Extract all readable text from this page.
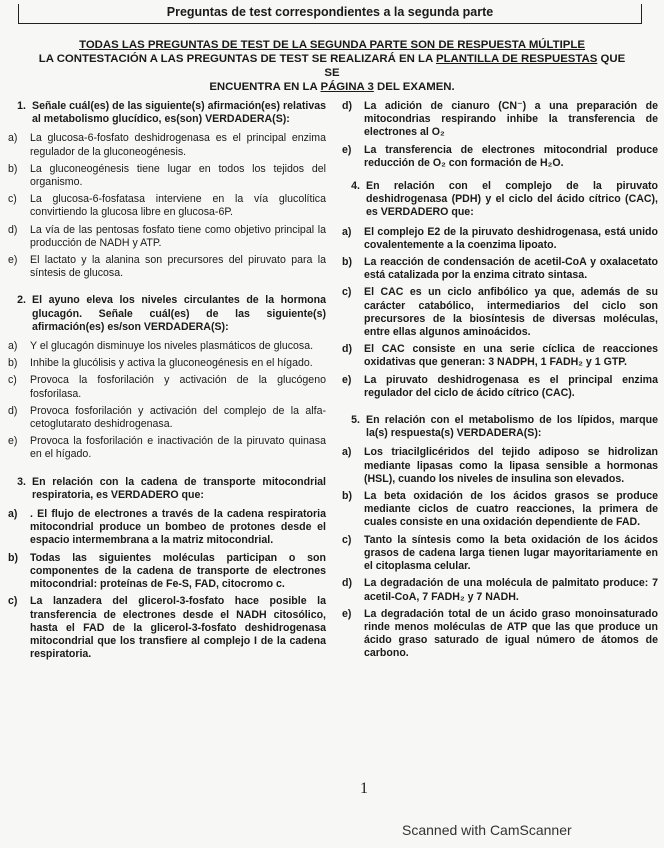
Preguntas de test correspondientes a la segunda parte
TODAS LAS PREGUNTAS DE TEST DE LA SEGUNDA PARTE SON DE RESPUESTA MÚLTIPLE
LA CONTESTACIÓN A LAS PREGUNTAS DE TEST SE REALIZARÁ EN LA PLANTILLA DE RESPUESTAS QUE SE
ENCUENTRA EN LA PÁGINA 3 DEL EXAMEN.
1. Señale cuál(es) de las siguiente(s) afirmación(es) relativas al metabolismo glucídico, es(son) VERDADERA(S):
a)	La glucosa-6-fosfato deshidrogenasa es el principal enzima regulador de la gluconeogénesis.
b)	La gluconeogénesis tiene lugar en todos los tejidos del organismo.
c)	La glucosa-6-fosfatasa interviene en la vía glucolítica convirtiendo la glucosa libre en glucosa-6P.
d)	La vía de las pentosas fosfato tiene como objetivo principal la producción de NADH y ATP.
e)	El lactato y la alanina son precursores del piruvato para la síntesis de glucosa.
2. El ayuno eleva los niveles circulantes de la hormona glucagón. Señale cuál(es) de las siguiente(s) afirmación(es) es/son VERDADERA(S):
a)	Y el glucagón disminuye los niveles plasmáticos de glucosa.
b)	Inhibe la glucólisis y activa la gluconeogénesis en el hígado.
c)	Provoca la fosforilación y activación de la glucógeno fosforilasa.
d)	Provoca fosforilación y activación del complejo de la alfa-cetoglutarato deshidrogenasa.
e)	Provoca la fosforilación e inactivación de la piruvato quinasa en el hígado.
3. En relación con la cadena de transporte mitocondrial respiratoria, es VERDADERO que:
a)	. El flujo de electrones a través de la cadena respiratoria mitocondrial produce un bombeo de protones desde el espacio intermembrana a la matriz mitocondrial.
b)	Todas las siguientes moléculas participan o son componentes de la cadena de transporte de electrones mitocondrial: proteínas de Fe-S, FAD, citocromo c.
c)	La lanzadera del glicerol-3-fosfato hace posible la transferencia de electrones desde el NADH citosólico, hasta el FAD de la glicerol-3-fosfato deshidrogenasa mitocondrial que los transfiere al complejo I de la cadena respiratoria.
d)	La adición de cianuro (CN⁻) a una preparación de mitocondrias respirando inhibe la transferencia de electrones al O₂
e)	La transferencia de electrones mitocondrial produce reducción de O₂ con formación de H₂O.
4. En relación con el complejo de la piruvato deshidrogenasa (PDH) y el ciclo del ácido cítrico (CAC), es VERDADERO que:
a)	El complejo E2 de la piruvato deshidrogenasa, está unido covalentemente a la coenzima lipoato.
b)	La reacción de condensación de acetil-CoA y oxalacetato está catalizada por la enzima citrato sintasa.
c)	El CAC es un ciclo anfibólico ya que, además de su carácter catabólico, intermediarios del ciclo son precursores de la biosíntesis de diversas moléculas, entre ellas algunos aminoácidos.
d)	El CAC consiste en una serie cíclica de reacciones oxidativas que generan: 3 NADPH, 1 FADH₂ y 1 GTP.
e)	La piruvato deshidrogenasa es el principal enzima regulador del ciclo de ácido cítrico (CAC).
5. En relación con el metabolismo de los lípidos, marque la(s) respuesta(s) VERDADERA(S):
a)	Los triacilglicéridos del tejido adiposo se hidrolizan mediante lipasas como la lipasa sensible a hormonas (HSL), cuando los niveles de insulina son elevados.
b)	La beta oxidación de los ácidos grasos se produce mediante ciclos de cuatro reacciones, la primera de cuales consiste en una oxidación dependiente de FAD.
c)	Tanto la síntesis como la beta oxidación de los ácidos grasos de cadena larga tienen lugar mayoritariamente en el citoplasma celular.
d)	La degradación de una molécula de palmitato produce: 7 acetil-CoA, 7 FADH₂ y 7 NADH.
e)	La degradación total de un ácido graso monoinsaturado rinde menos moléculas de ATP que las que produce un ácido graso saturado de igual número de átomos de carbono.
1
Scanned with CamScanner
